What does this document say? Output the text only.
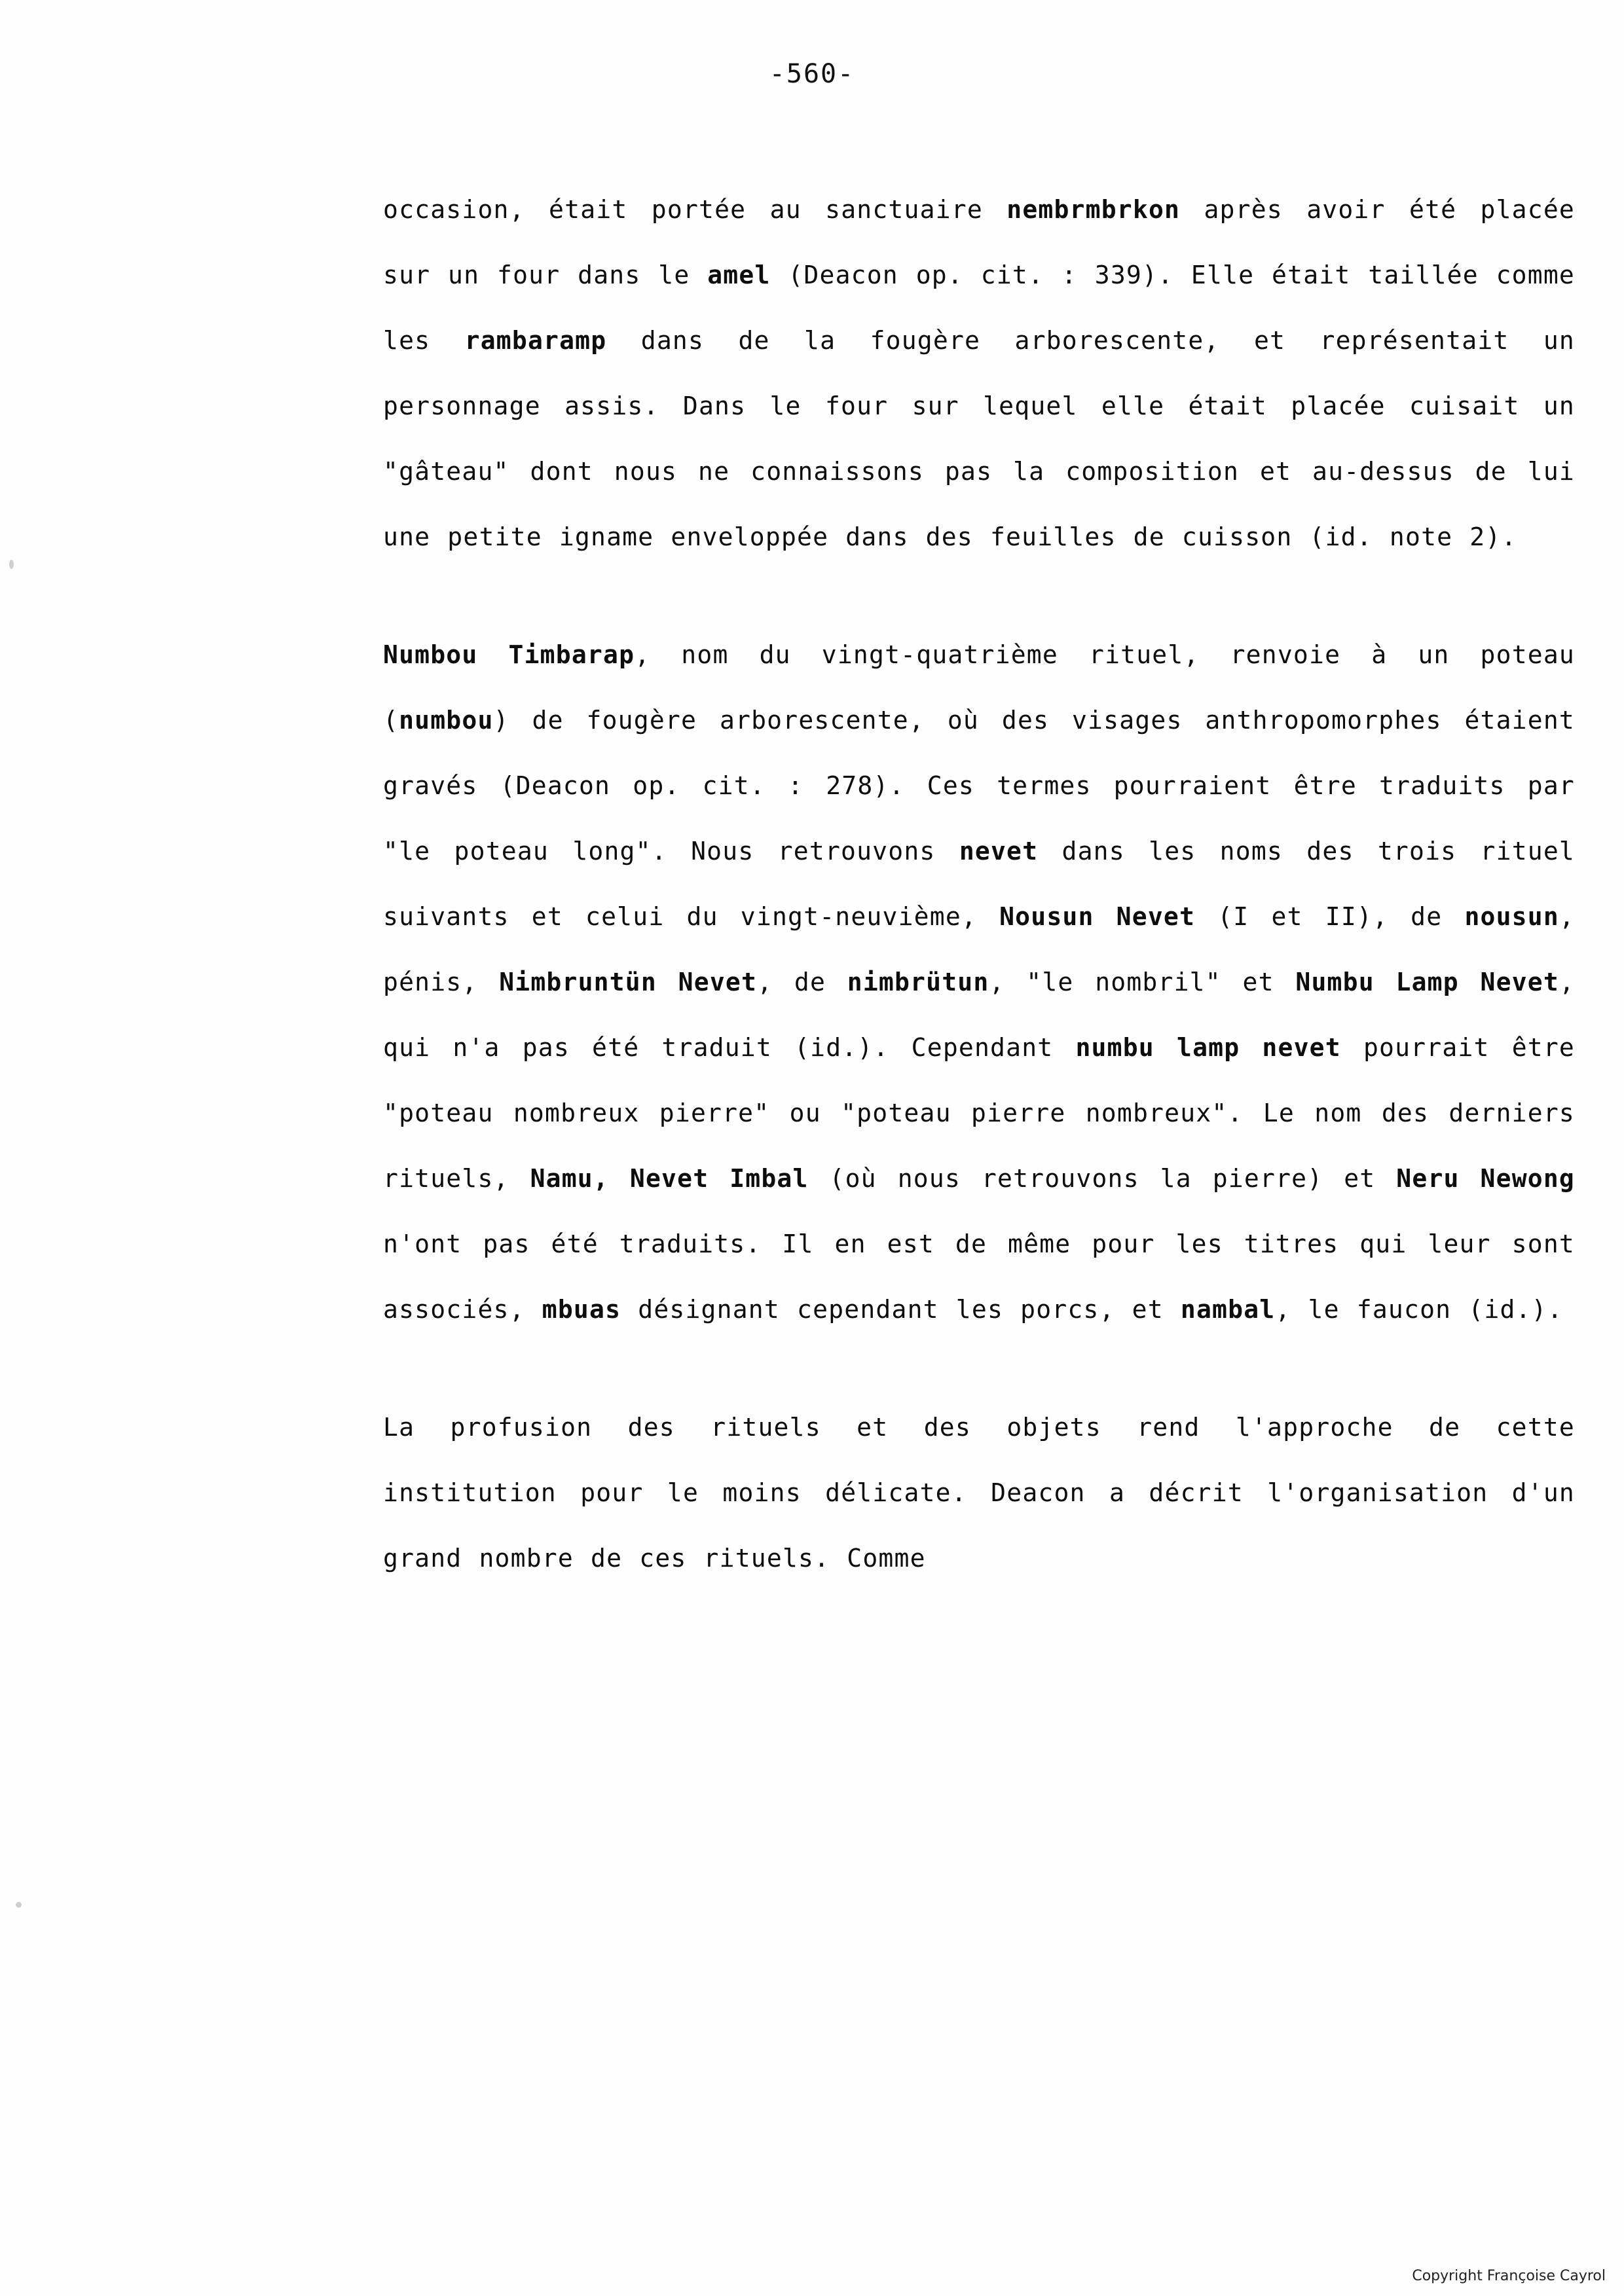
-560-

occasion, était portée au sanctuaire nembrmbrkon après avoir été placée sur un four dans le amel (Deacon op. cit. : 339). Elle était taillée comme les rambaramp dans de la fougère arborescente, et représentait un personnage assis. Dans le four sur lequel elle était placée cuisait un "gâteau" dont nous ne connaissons pas la composition et au-dessus de lui une petite igname enveloppée dans des feuilles de cuisson (id. note 2).

Numbou Timbarap, nom du vingt-quatrième rituel, renvoie à un poteau (numbou) de fougère arborescente, où des visages anthropomorphes étaient gravés (Deacon op. cit. : 278). Ces termes pourraient être traduits par "le poteau long". Nous retrouvons nevet dans les noms des trois rituel suivants et celui du vingt-neuvième, Nousun Nevet (I et II), de nousun, pénis, Nimbruntün Nevet, de nimbrütun, "le nombril" et Numbu Lamp Nevet, qui n'a pas été traduit (id.). Cependant numbu lamp nevet pourrait être "poteau nombreux pierre" ou "poteau pierre nombreux". Le nom des derniers rituels, Namu, Nevet Imbal (où nous retrouvons la pierre) et Neru Newong n'ont pas été traduits. Il en est de même pour les titres qui leur sont associés, mbuas désignant cependant les porcs, et nambal, le faucon (id.).

La profusion des rituels et des objets rend l'approche de cette institution pour le moins délicate. Deacon a décrit l'organisation d'un grand nombre de ces rituels. Comme

Copyright Françoise Cayrol
